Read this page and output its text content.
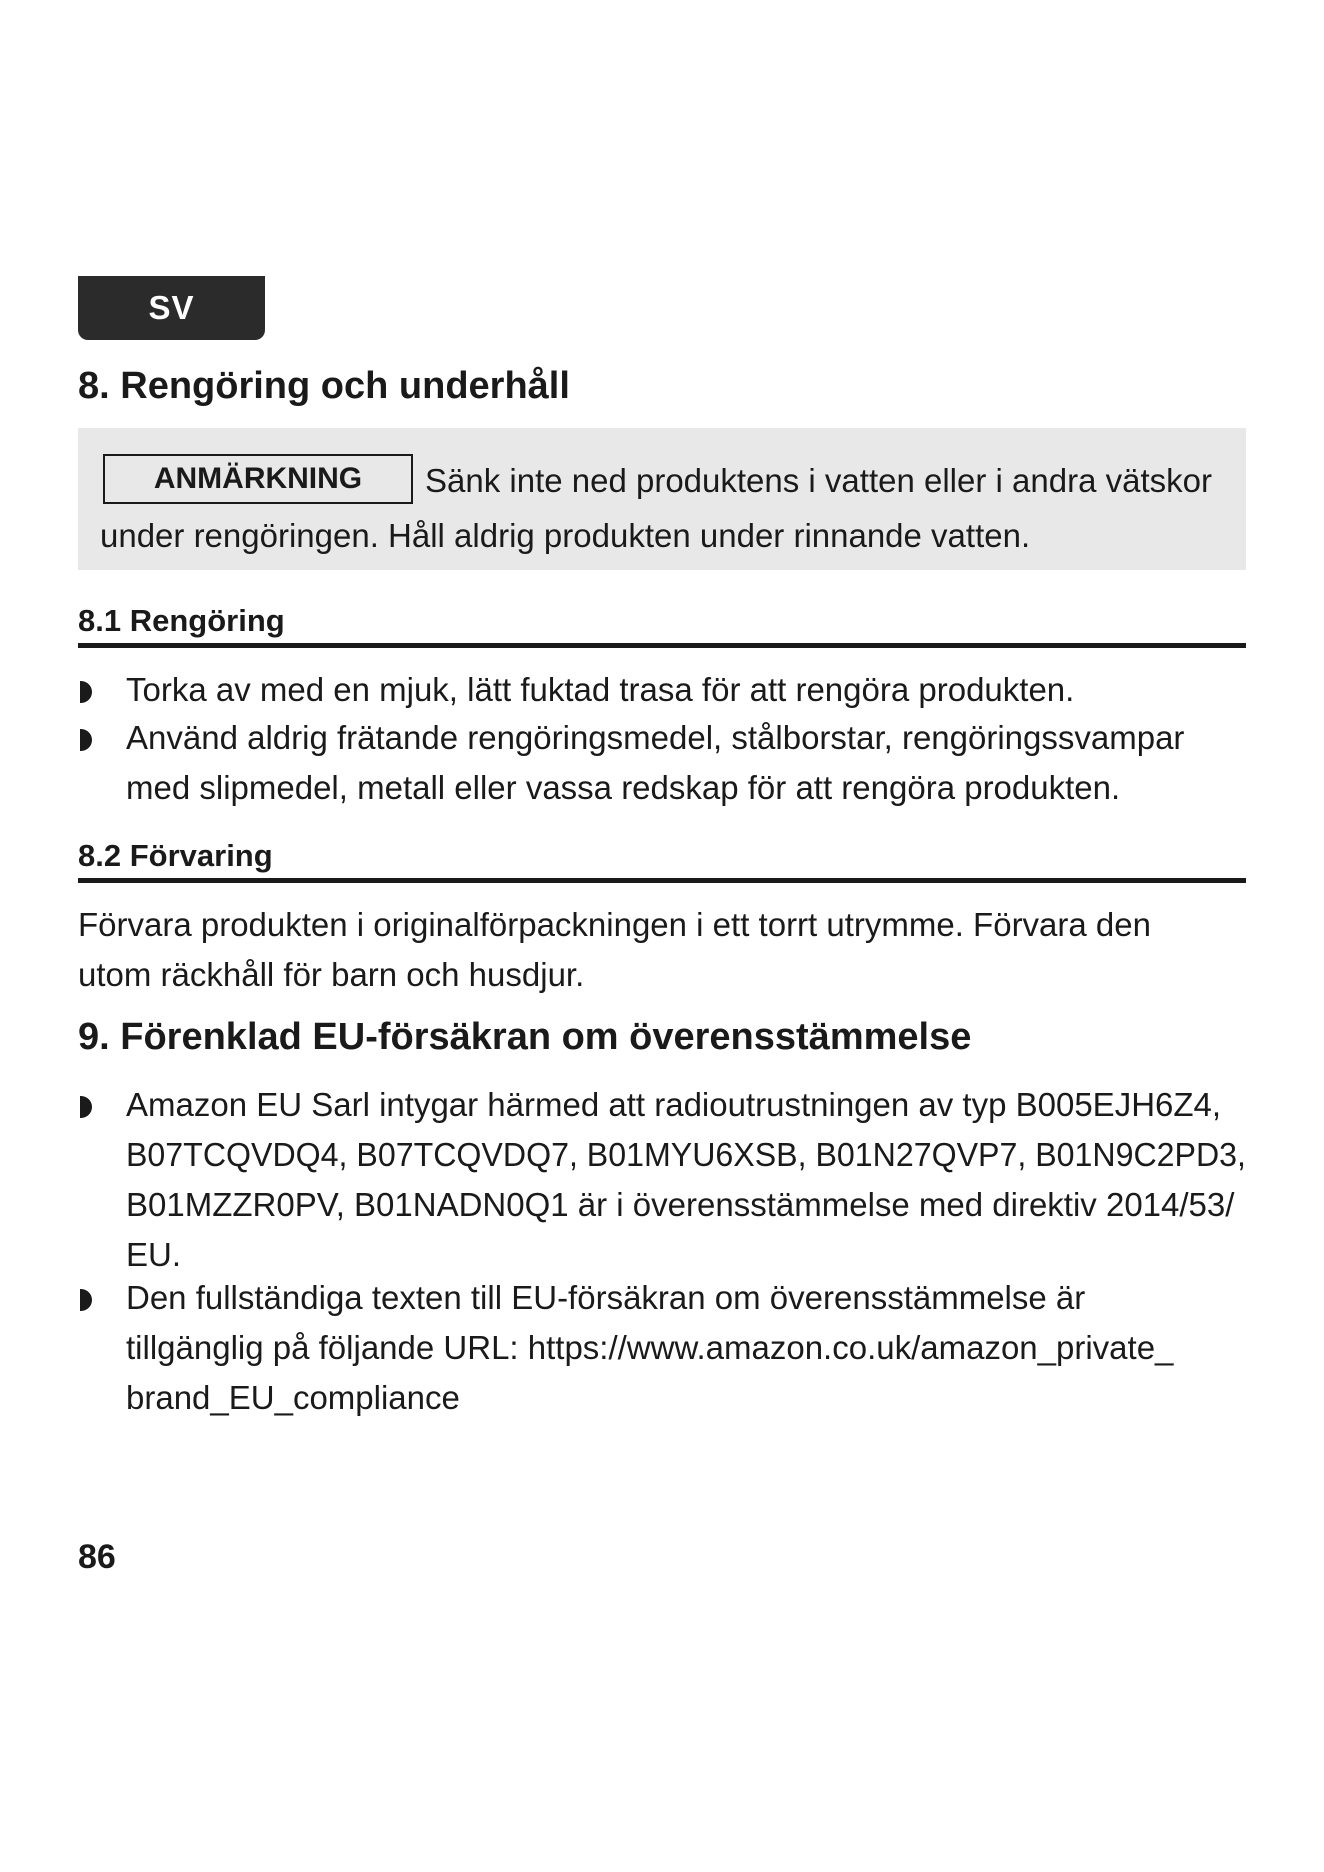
SV
8. Rengöring och underhåll
ANMÄRKNING	Sänk inte ned produktens i vatten eller i andra vätskor
under rengöringen. Håll aldrig produkten under rinnande vatten.
8.1 Rengöring
Torka av med en mjuk, lätt fuktad trasa för att rengöra produkten.
Använd aldrig frätande rengöringsmedel, stålborstar, rengöringssvampar
med slipmedel, metall eller vassa redskap för att rengöra produkten.
8.2 Förvaring
Förvara produkten i originalförpackningen i ett torrt utrymme. Förvara den
utom räckhåll för barn och husdjur.
9. Förenklad EU-försäkran om överensstämmelse
Amazon EU Sarl intygar härmed att radioutrustningen av typ B005EJH6Z4,
B07TCQVDQ4, B07TCQVDQ7, B01MYU6XSB, B01N27QVP7, B01N9C2PD3,
B01MZZR0PV, B01NADN0Q1 är i överensstämmelse med direktiv 2014/53/
EU.
Den fullständiga texten till EU-försäkran om överensstämmelse är
tillgänglig på följande URL: https://www.amazon.co.uk/amazon_private_
brand_EU_compliance
86
